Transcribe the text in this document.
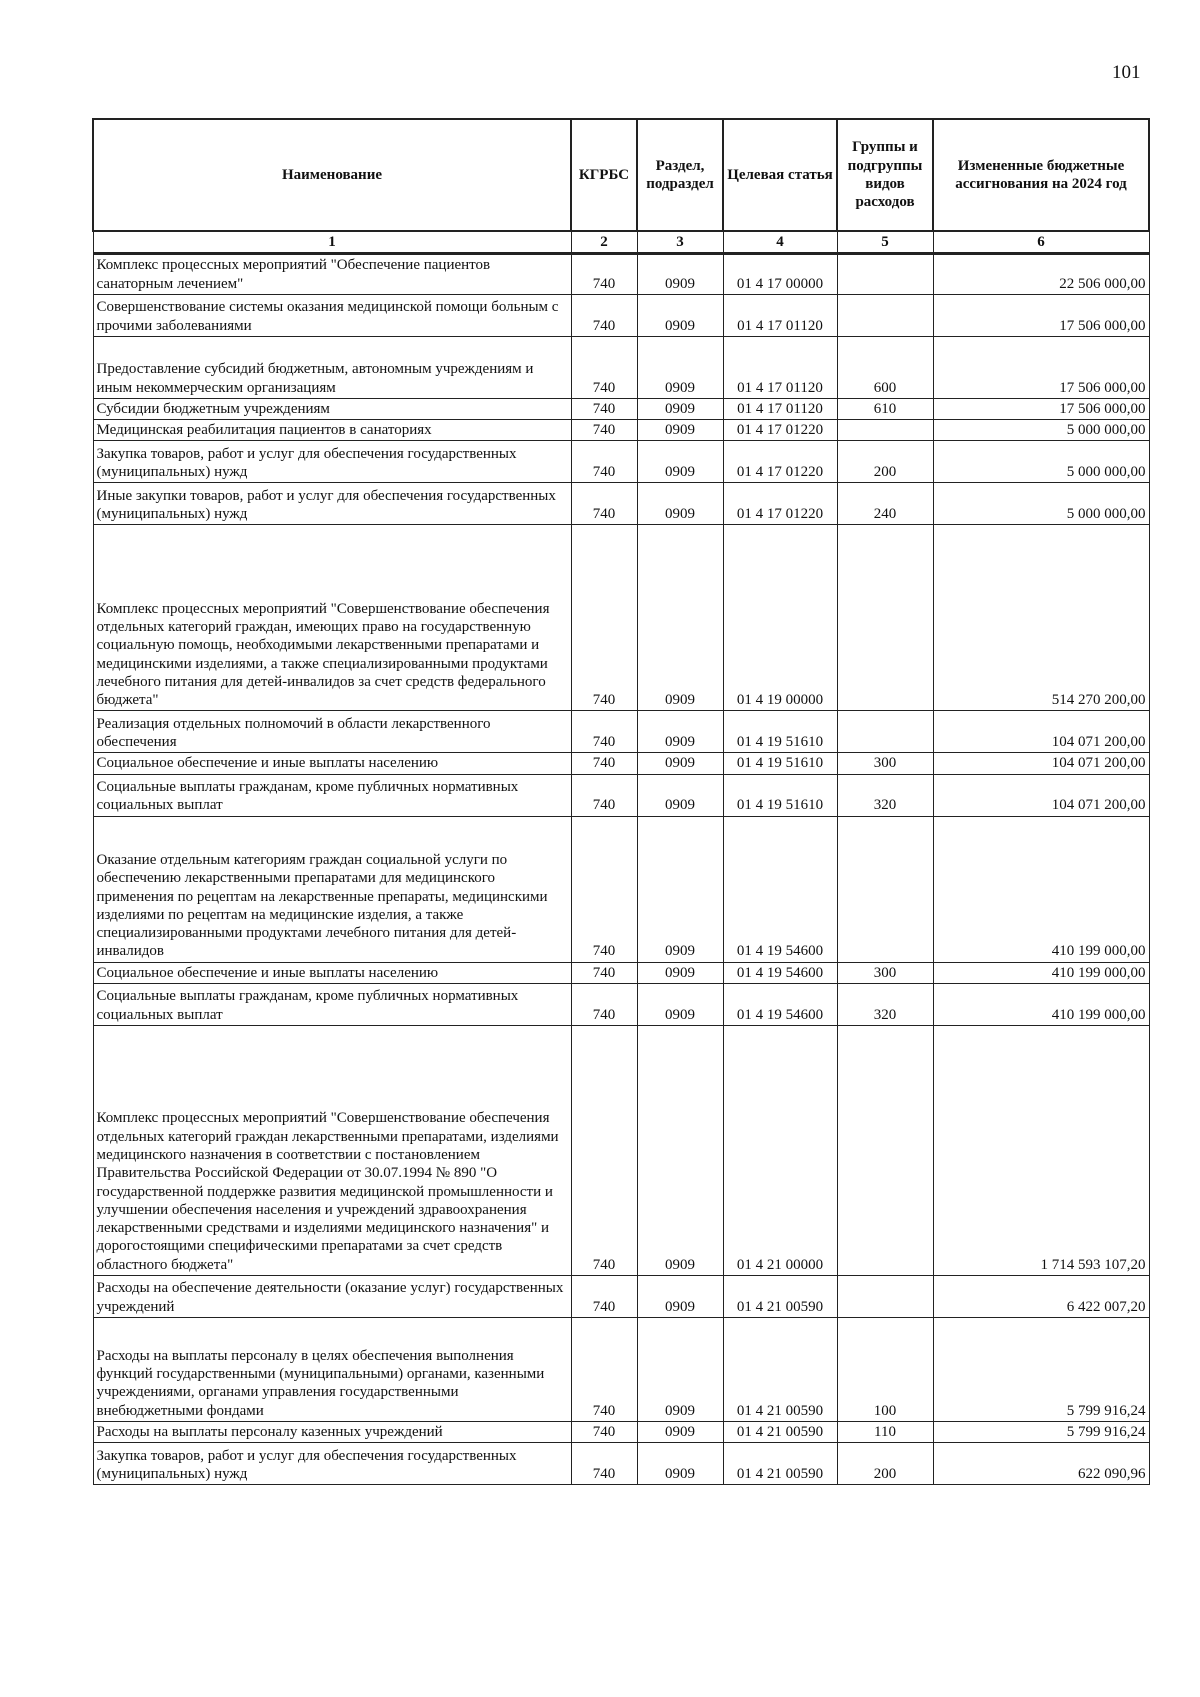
101
Наименование	КГРБС	Раздел, подраздел	Целевая статья	Группы и подгруппы видов расходов	Измененные бюджетные ассигнования на 2024 год
1	2	3	4	5	6
Комплекс процессных мероприятий "Обеспечение пациентов санаторным лечением"	740	0909	01 4 17 00000		22 506 000,00
Совершенствование системы оказания медицинской помощи больным с прочими заболеваниями	740	0909	01 4 17 01120		17 506 000,00
Предоставление субсидий бюджетным, автономным учреждениям и иным некоммерческим организациям	740	0909	01 4 17 01120	600	17 506 000,00
Субсидии бюджетным учреждениям	740	0909	01 4 17 01120	610	17 506 000,00
Медицинская реабилитация пациентов в санаториях	740	0909	01 4 17 01220		5 000 000,00
Закупка товаров, работ и услуг для обеспечения государственных (муниципальных) нужд	740	0909	01 4 17 01220	200	5 000 000,00
Иные закупки товаров, работ и услуг для обеспечения государственных (муниципальных) нужд	740	0909	01 4 17 01220	240	5 000 000,00
Комплекс процессных мероприятий "Совершенствование обеспечения отдельных категорий граждан, имеющих право на государственную социальную помощь, необходимыми лекарственными препаратами и медицинскими изделиями, а также специализированными продуктами лечебного питания для детей-инвалидов за счет средств федерального бюджета"	740	0909	01 4 19 00000		514 270 200,00
Реализация отдельных полномочий в области лекарственного обеспечения	740	0909	01 4 19 51610		104 071 200,00
Социальное обеспечение и иные выплаты населению	740	0909	01 4 19 51610	300	104 071 200,00
Социальные выплаты гражданам, кроме публичных нормативных социальных выплат	740	0909	01 4 19 51610	320	104 071 200,00
Оказание отдельным категориям граждан социальной услуги по обеспечению лекарственными препаратами для медицинского применения по рецептам на лекарственные препараты, медицинскими изделиями по рецептам на медицинские изделия, а также специализированными продуктами лечебного питания для детей-инвалидов	740	0909	01 4 19 54600		410 199 000,00
Социальное обеспечение и иные выплаты населению	740	0909	01 4 19 54600	300	410 199 000,00
Социальные выплаты гражданам, кроме публичных нормативных социальных выплат	740	0909	01 4 19 54600	320	410 199 000,00
Комплекс процессных мероприятий "Совершенствование обеспечения отдельных категорий граждан лекарственными препаратами, изделиями медицинского назначения в соответствии с постановлением Правительства Российской Федерации от 30.07.1994 № 890 "О государственной поддержке развития медицинской промышленности и улучшении обеспечения населения и учреждений здравоохранения лекарственными средствами и изделиями медицинского назначения" и дорогостоящими специфическими препаратами за счет средств областного бюджета"	740	0909	01 4 21 00000		1 714 593 107,20
Расходы на обеспечение деятельности (оказание услуг) государственных учреждений	740	0909	01 4 21 00590		6 422 007,20
Расходы на выплаты персоналу в целях обеспечения выполнения функций государственными (муниципальными) органами, казенными учреждениями, органами управления государственными внебюджетными фондами	740	0909	01 4 21 00590	100	5 799 916,24
Расходы на выплаты персоналу казенных учреждений	740	0909	01 4 21 00590	110	5 799 916,24
Закупка товаров, работ и услуг для обеспечения государственных (муниципальных) нужд	740	0909	01 4 21 00590	200	622 090,96
